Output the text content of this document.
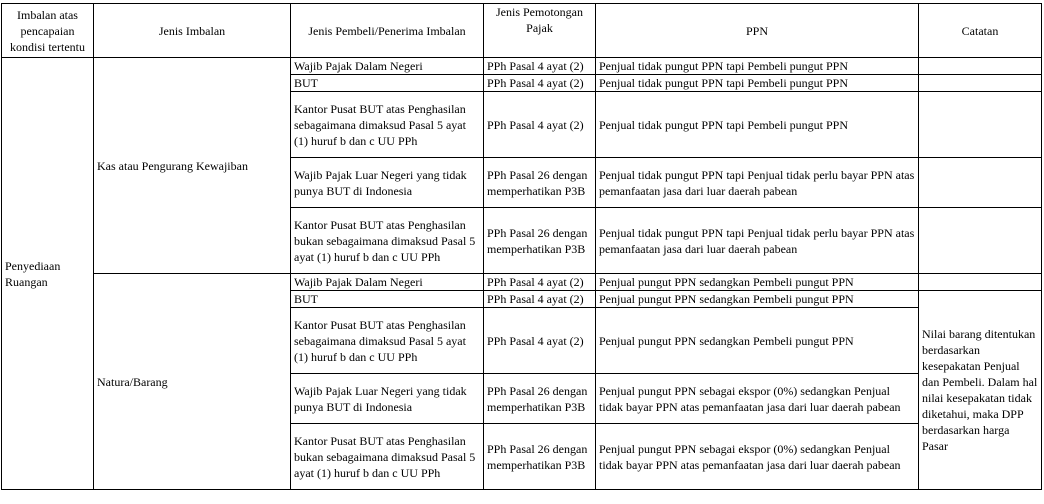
Imbalan atas pencapaian kondisi tertentu	Jenis Imbalan	Jenis Pembeli/Penerima Imbalan	Jenis Pemotongan Pajak	PPN	Catatan
Penyediaan Ruangan	Kas atau Pengurang Kewajiban	Wajib Pajak Dalam Negeri	PPh Pasal 4 ayat (2)	Penjual tidak pungut PPN tapi Pembeli pungut PPN	
		BUT	PPh Pasal 4 ayat (2)	Penjual tidak pungut PPN tapi Pembeli pungut PPN	
		Kantor Pusat BUT atas Penghasilan sebagaimana dimaksud Pasal 5 ayat (1) huruf b dan c UU PPh	PPh Pasal 4 ayat (2)	Penjual tidak pungut PPN tapi Pembeli pungut PPN	
		Wajib Pajak Luar Negeri yang tidak punya BUT di Indonesia	PPh Pasal 26 dengan memperhatikan P3B	Penjual tidak pungut PPN tapi Penjual tidak perlu bayar PPN atas pemanfaatan jasa dari luar daerah pabean	
		Kantor Pusat BUT atas Penghasilan bukan sebagaimana dimaksud Pasal 5 ayat (1) huruf b dan c UU PPh	PPh Pasal 26 dengan memperhatikan P3B	Penjual tidak pungut PPN tapi Penjual tidak perlu bayar PPN atas pemanfaatan jasa dari luar daerah pabean	
	Natura/Barang	Wajib Pajak Dalam Negeri	PPh Pasal 4 ayat (2)	Penjual pungut PPN sedangkan Pembeli pungut PPN	
		BUT	PPh Pasal 4 ayat (2)	Penjual pungut PPN sedangkan Pembeli pungut PPN	Nilai barang ditentukan berdasarkan kesepakatan Penjual dan Pembeli. Dalam hal nilai kesepakatan tidak diketahui, maka DPP berdasarkan harga Pasar
		Kantor Pusat BUT atas Penghasilan sebagaimana dimaksud Pasal 5 ayat (1) huruf b dan c UU PPh	PPh Pasal 4 ayat (2)	Penjual pungut PPN sedangkan Pembeli pungut PPN	
		Wajib Pajak Luar Negeri yang tidak punya BUT di Indonesia	PPh Pasal 26 dengan memperhatikan P3B	Penjual pungut PPN sebagai ekspor (0%) sedangkan Penjual tidak bayar PPN atas pemanfaatan jasa dari luar daerah pabean	
		Kantor Pusat BUT atas Penghasilan bukan sebagaimana dimaksud Pasal 5 ayat (1) huruf b dan c UU PPh	PPh Pasal 26 dengan memperhatikan P3B	Penjual pungut PPN sebagai ekspor (0%) sedangkan Penjual tidak bayar PPN atas pemanfaatan jasa dari luar daerah pabean	
